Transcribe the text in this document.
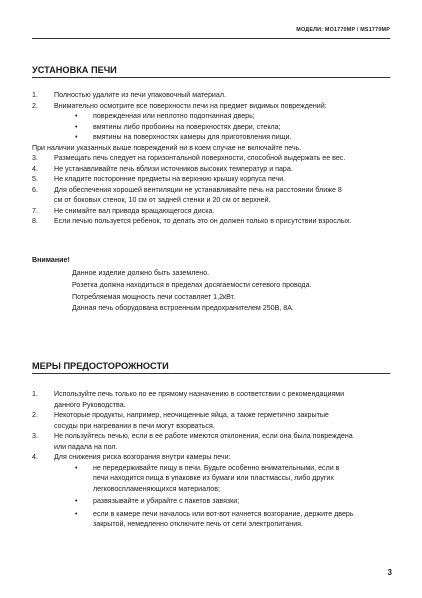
МОДЕЛИ: MO1770MP / MS1770MP
УСТАНОВКА ПЕЧИ
1. Полностью удалите из печи упаковочный материал.
2. Внимательно осмотрите все поверхности печи на предмет видимых повреждений:
• поврежденная или неплотно подогнанная дверь;
• вмятины либо пробоины на поверхностях двери, стекла;
• вмятины на поверхностях камеры для приготовления пищи.
При наличии указанных выше повреждений ни в коем случае не включайте печь.
3. Размещать печь следует на горизонтальной поверхности, способной выдержать ее вес.
4. Не устанавливайте печь вблизи источников высоких температур и пара.
5. Не кладите посторонние предметы на верхнюю крышку корпуса печи.
6. Для обеспечения хорошей вентиляции не устанавливайте печь на расстоянии ближе 8
см от боковых стенок, 10 см от задней стенки и 20 см от верхней.
7. Не снимайте вал привода вращающегося диска.
8. Если печью пользуется ребенок, то делать это он должен только в присутствии взрослых.
Внимание!
Данное изделие должно быть заземлено.
Розетка должна находиться в пределах досягаемости сетевого провода.
Потребляемая мощность печи составляет 1,2кВт.
Данная печь оборудована встроенным предохранителем 250В, 8А.
МЕРЫ ПРЕДОСТОРОЖНОСТИ
1. Используйте печь только по ее прямому назначению в соответствии с рекомендациями
данного Руководства.
2. Некоторые продукты, например, неочищенные яйца, а также герметично закрытые
сосуды при нагревании в печи могут взорваться.
3. Не пользуйтесь печью, если в ее работе имеются отклонения, если она была повреждена
или падала на пол.
4. Для снижения риска возгорания внутри камеры печи:
• не передерживайте пищу в печи. Будьте особенно внимательными, если в
печи находится пища в упаковке из бумаги или пластмассы, либо других
легковоспламеняющихся материалов;
• развязывайте и убирайте с пакетов завязки;
• если в камере печи началось или вот-вот начнется возгорание, держите дверь
закрытой, немедленно отключите печь от сети электропитания.
3
